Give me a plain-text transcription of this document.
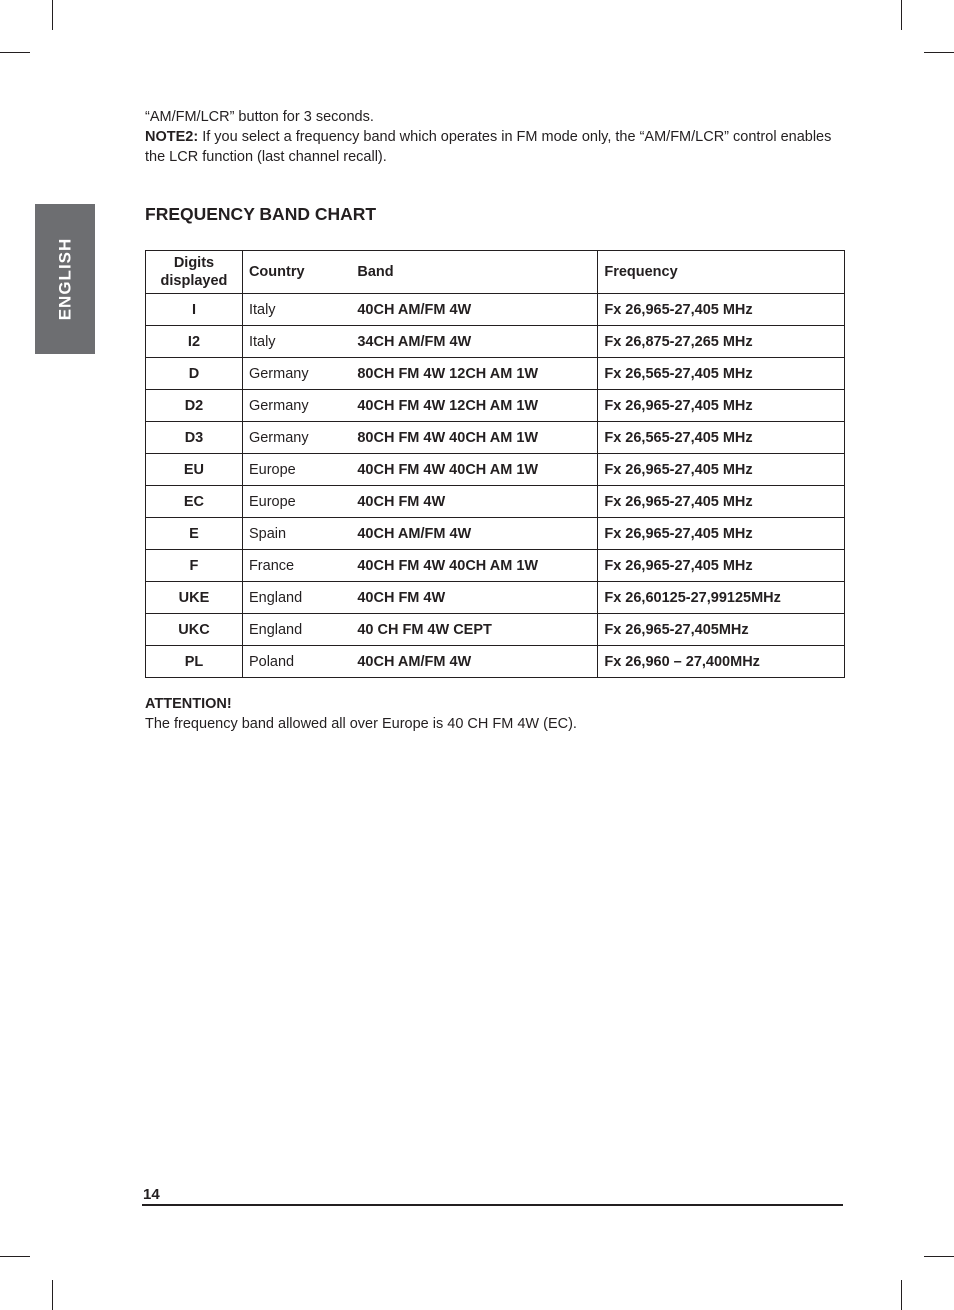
ENGLISH
“AM/FM/LCR” button for 3 seconds.
NOTE2: If you select a frequency band which operates in FM mode only, the “AM/FM/LCR” control enables the LCR function (last channel recall).
FREQUENCY BAND CHART
Digits
displayed	Country	Band	Frequency
I	Italy	40CH AM/FM 4W	Fx 26,965-27,405 MHz
I2	Italy	34CH AM/FM 4W	Fx 26,875-27,265 MHz
D	Germany	80CH FM 4W 12CH AM 1W	Fx 26,565-27,405 MHz
D2	Germany	40CH FM 4W 12CH AM 1W	Fx 26,965-27,405 MHz
D3	Germany	80CH FM 4W 40CH AM 1W	Fx 26,565-27,405 MHz
EU	Europe	40CH FM 4W 40CH AM 1W	Fx 26,965-27,405 MHz
EC	Europe	40CH FM 4W	Fx 26,965-27,405 MHz
E	Spain	40CH AM/FM 4W	Fx 26,965-27,405 MHz
F	France	40CH FM 4W 40CH AM 1W	Fx 26,965-27,405 MHz
UKE	England	40CH FM 4W	Fx 26,60125-27,99125MHz
UKC	England	40 CH FM 4W CEPT	Fx 26,965-27,405MHz
PL	Poland	40CH AM/FM 4W	Fx 26,960 – 27,400MHz
ATTENTION!
The frequency band allowed all over Europe is 40 CH FM 4W (EC).
14
